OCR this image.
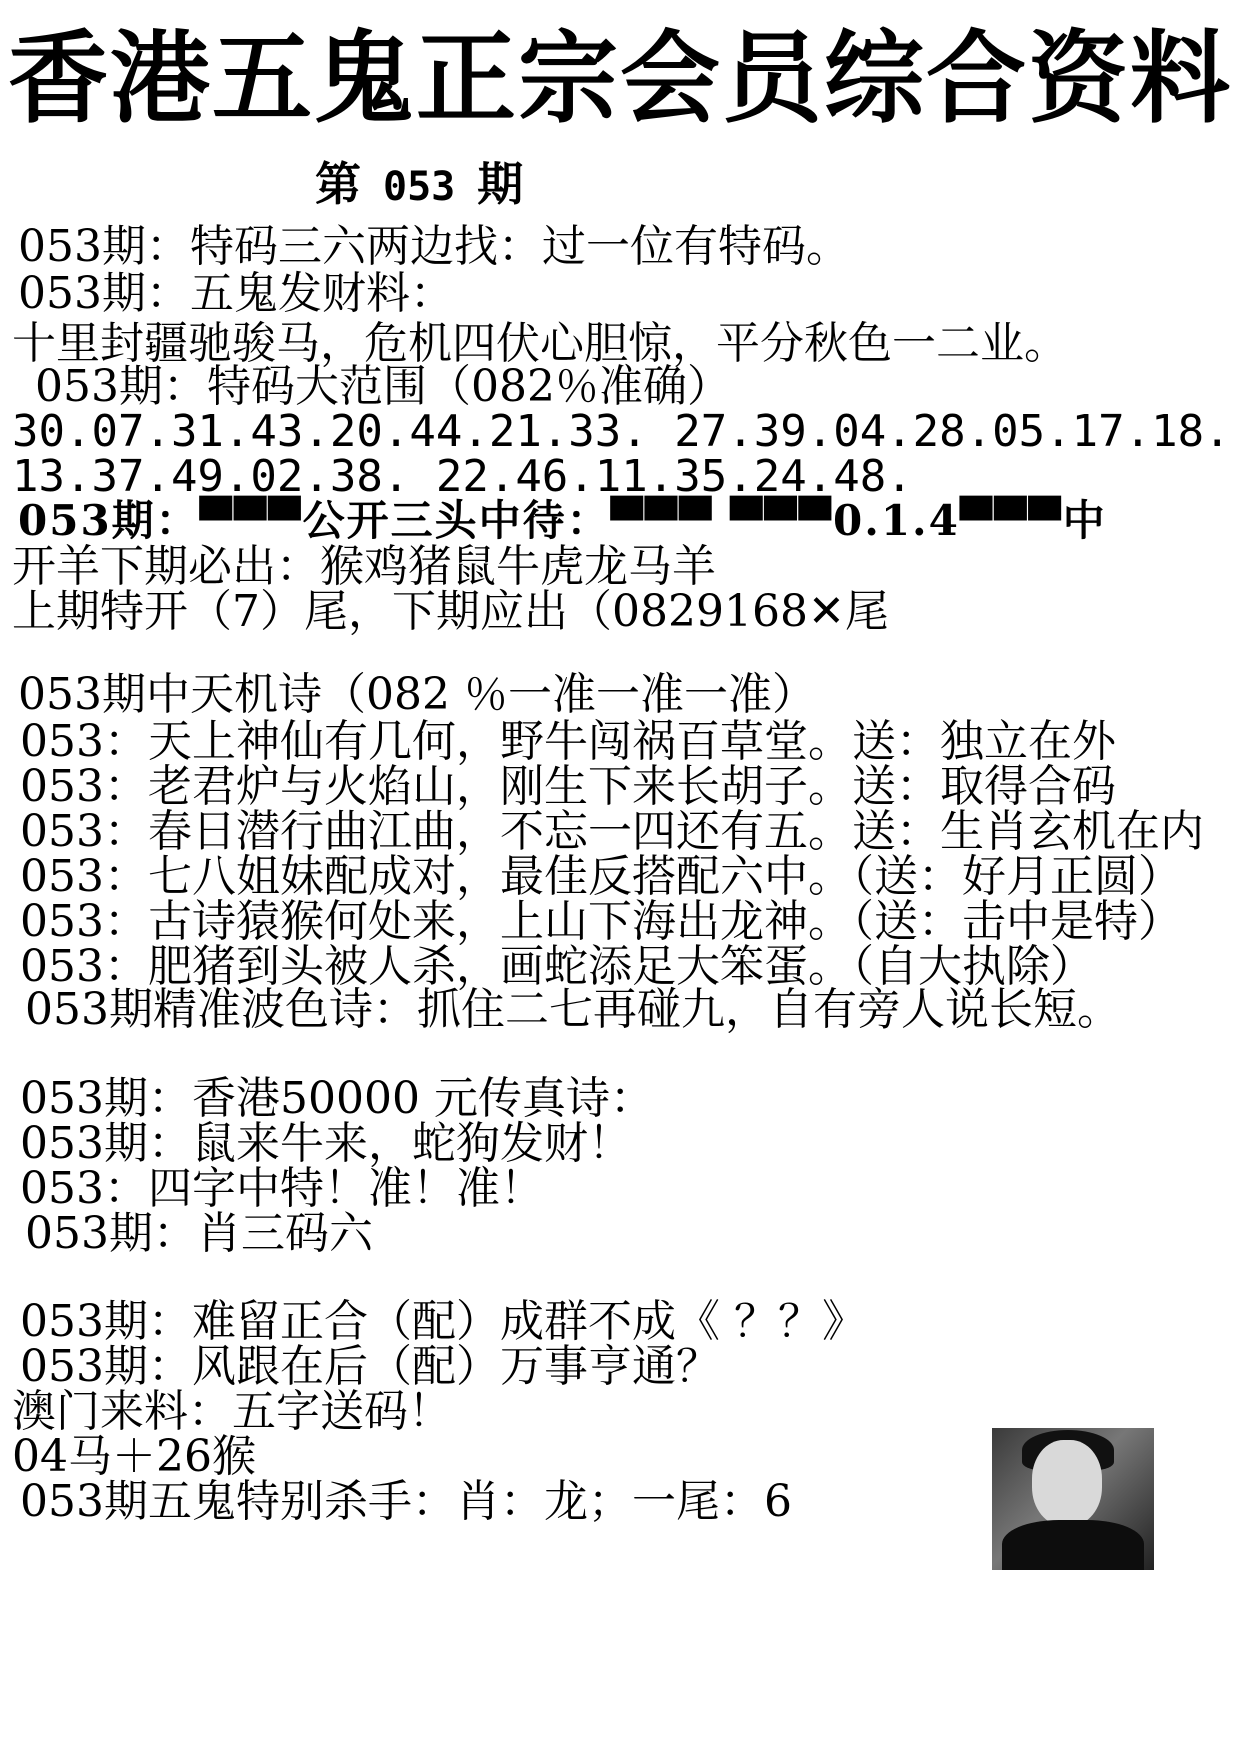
香港五鬼正宗会员综合资料
第 053 期
053期：特码三六两边找：过一位有特码。
053期：五鬼发财料：
十里封疆驰骏马，危机四伏心胆惊，平分秋色一二业。
053期：特码大范围（082％准确）
30.07.31.43.20.44.21.33. 27.39.04.28.05.17.18.
13.37.49.02.38. 22.46.11.35.24.48.
053期：▀▀▀公开三头中待：▀▀▀ ▀▀▀0.1.4▀▀▀中
开羊下期必出：猴鸡猪鼠牛虎龙马羊
上期特开（7）尾，下期应出（0829168✕尾
053期中天机诗（082 ％一准一准一准）
053：天上神仙有几何，野牛闯祸百草堂。送：独立在外
053：老君炉与火焰山，刚生下来长胡子。送：取得合码
053：春日潜行曲江曲，不忘一四还有五。送：生肖玄机在内
053：七八姐妹配成对，最佳反搭配六中。（送：好月正圆）
053：古诗猿猴何处来，上山下海出龙神。（送：击中是特）
053：肥猪到头被人杀，画蛇添足大笨蛋。（自大执除）
053期精准波色诗：抓住二七再碰九，自有旁人说长短。
053期：香港50000 元传真诗：
053期：鼠来牛来，蛇狗发财！
053：四字中特！准！准！
053期：肖三码六
053期：难留正合（配）成群不成《 ？？》
053期：风跟在后（配）万事亨通？
澳门来料：五字送码！
04马＋26猴
053期五鬼特别杀手：肖：龙；一尾：6
